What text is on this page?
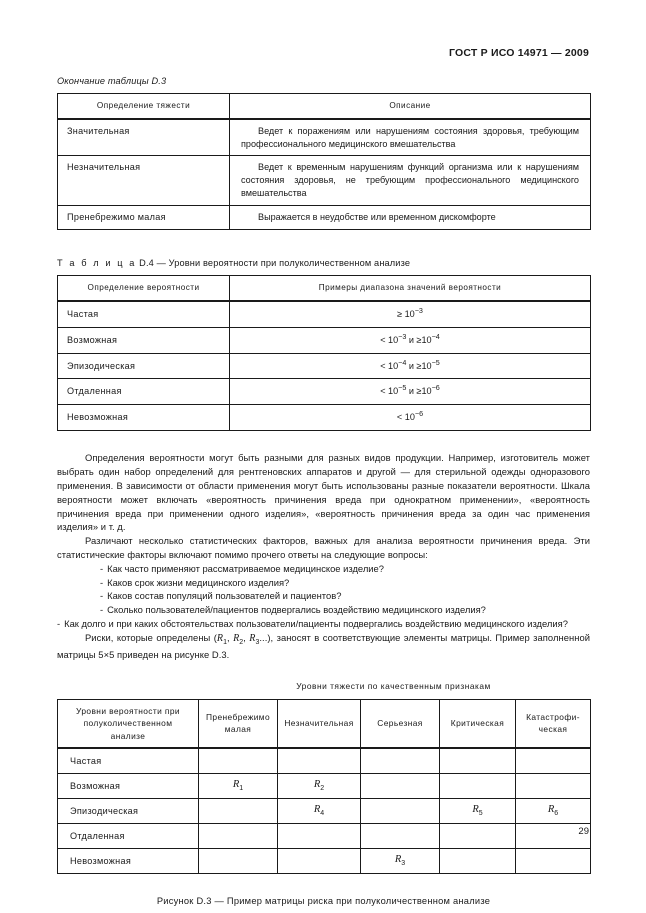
ГОСТ Р ИСО 14971 — 2009
Окончание таблицы D.3
Определение тяжести	Описание
Значительная	Ведет к поражениям или нарушениям состояния здоровья, требующим профессионального медицинского вмешательства
Незначительная	Ведет к временным нарушениям функций организма или к нарушениям состояния здоровья, не требующим профессионального медицинского вмешательства
Пренебрежимо малая	Выражается в неудобстве или временном дискомфорте
Т а б л и ц а D.4 — Уровни вероятности при полуколичественном анализе
Определение вероятности	Примеры диапазона значений вероятности
Частая	≥ $10^{-3}$
Возможная	< $10^{-3}$ $и \ge 10^{-4}$
Эпизодическая	< $10^{-4}$ $и \ge 10^{-5}$
Отдаленная	< $10^{-5}$ $и \ge 10^{-6}$
Невозможная	< $10^{-6}$

Определения вероятности могут быть разными для разных видов продукции. Например, изготовитель может выбрать один набор определений для рентгеновских аппаратов и другой — для стерильной одежды одноразового применения. В зависимости от области применения могут быть использованы разные показатели вероятности. Шкала вероятности может включать «вероятность причинения вреда при однократном применении», «вероятность причинения вреда при применении одного изделия», «вероятность причинения вреда за один час применения изделия» и т. д.

Различают несколько статистических факторов, важных для анализа вероятности причинения вреда. Эти статистические факторы включают помимо прочего ответы на следующие вопросы:

- Как часто применяют рассматриваемое медицинское изделие?
- Каков срок жизни медицинского изделия?
- Каков состав популяций пользователей и пациентов?
- Сколько пользователей/пациентов подвергались воздействию медицинского изделия?
- Как долго и при каких обстоятельствах пользователи/пациенты подвергались воздействию медицинского изделия?

Риски, которые определены ($R_1$, $R_2$, $R_3$...), заносят в соответствующие элементы матрицы. Пример заполненной матрицы 5×5 приведен на рисунке D.3.

Уровни тяжести по качественным признакам
Уровни вероятности при полуколичественном анализе	Пренебрежимо малая	Незначительная	Серьезная	Критическая	Катастрофи-
ческая
Частая					
Возможная	$R_1$	$R_2$			
Эпизодическая		$R_4$		$R_5$	$R_6$
Отдаленная					
Невозможная			$R_3$		
Рисунок D.3 — Пример матрицы риска при полуколичественном анализе
29
